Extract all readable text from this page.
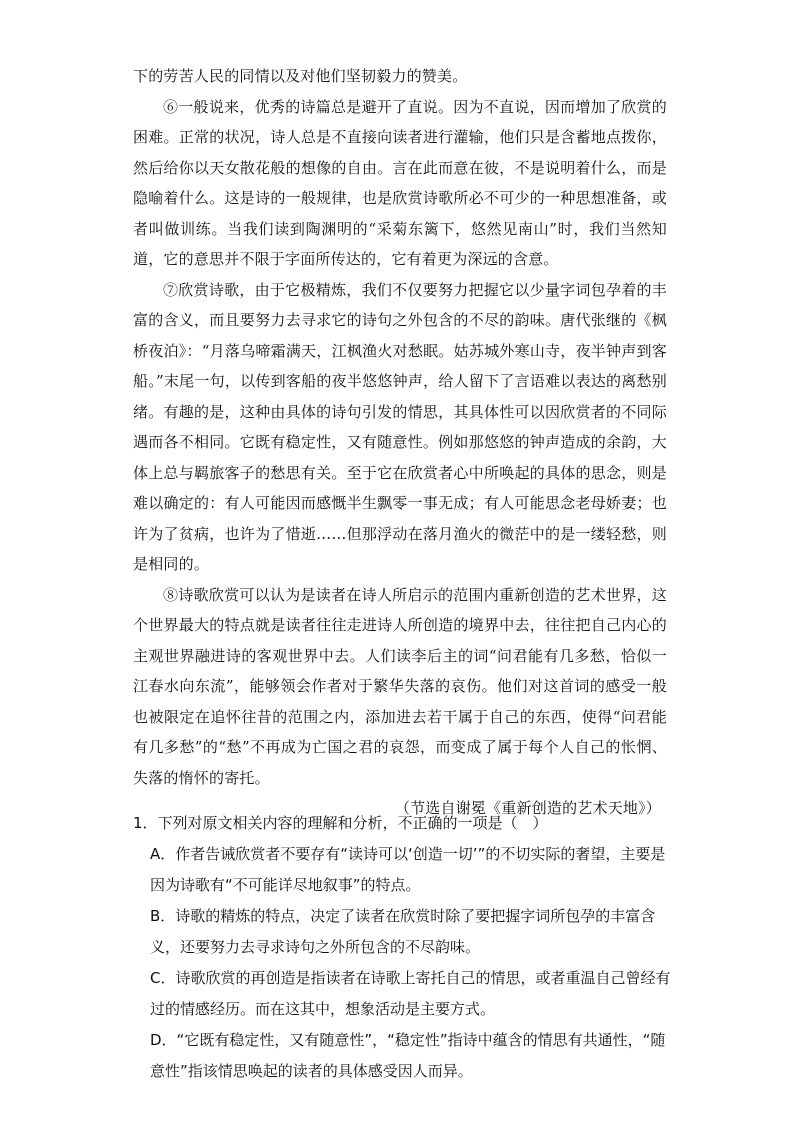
下的劳苦人民的同情以及对他们坚韧毅力的赞美。

⑥一般说来，优秀的诗篇总是避开了直说。因为不直说，因而增加了欣赏的困难。正常的状况，诗人总是不直接向读者进行灌输，他们只是含蓄地点拨你，然后给你以天女散花般的想像的自由。言在此而意在彼，不是说明着什么，而是隐喻着什么。这是诗的一般规律，也是欣赏诗歌所必不可少的一种思想准备，或者叫做训练。当我们读到陶渊明的“采菊东篱下，悠然见南山”时，我们当然知道，它的意思并不限于字面所传达的，它有着更为深远的含意。

⑦欣赏诗歌，由于它极精炼，我们不仅要努力把握它以少量字词包孕着的丰富的含义，而且要努力去寻求它的诗句之外包含的不尽的韵味。唐代张继的《枫桥夜泊》：“月落乌啼霜满天，江枫渔火对愁眠。姑苏城外寒山寺，夜半钟声到客船。”末尾一句，以传到客船的夜半悠悠钟声，给人留下了言语难以表达的离愁别绪。有趣的是，这种由具体的诗句引发的情思，其具体性可以因欣赏者的不同际遇而各不相同。它既有稳定性，又有随意性。例如那悠悠的钟声造成的余韵，大体上总与羁旅客子的愁思有关。至于它在欣赏者心中所唤起的具体的思念，则是难以确定的：有人可能因而感慨半生飘零一事无成；有人可能思念老母娇妻；也许为了贫病，也许为了惜逝……但那浮动在落月渔火的微茫中的是一缕轻愁，则是相同的。

⑧诗歌欣赏可以认为是读者在诗人所启示的范围内重新创造的艺术世界，这个世界最大的特点就是读者往往走进诗人所创造的境界中去，往往把自己内心的主观世界融进诗的客观世界中去。人们读李后主的词“问君能有几多愁，恰似一江春水向东流”，能够领会作者对于繁华失落的哀伤。他们对这首词的感受一般也被限定在追怀往昔的范围之内，添加进去若干属于自己的东西，使得“问君能有几多愁”的“愁”不再成为亡国之君的哀怨，而变成了属于每个人自己的怅惘、失落的惰怀的寄托。

（节选自谢冕《重新创造的艺术天地》）

1．下列对原文相关内容的理解和分析，不正确的一项是（　）

A．作者告诫欣赏者不要存有“读诗可以‘创造一切’”的不切实际的奢望，主要是因为诗歌有“不可能详尽地叙事”的特点。

B．诗歌的精炼的特点，决定了读者在欣赏时除了要把握字词所包孕的丰富含义，还要努力去寻求诗句之外所包含的不尽韵味。

C．诗歌欣赏的再创造是指读者在诗歌上寄托自己的情思，或者重温自己曾经有过的情感经历。而在这其中，想象活动是主要方式。

D．“它既有稳定性，又有随意性”，“稳定性”指诗中蕴含的情思有共通性，“随意性”指该情思唤起的读者的具体感受因人而异。
